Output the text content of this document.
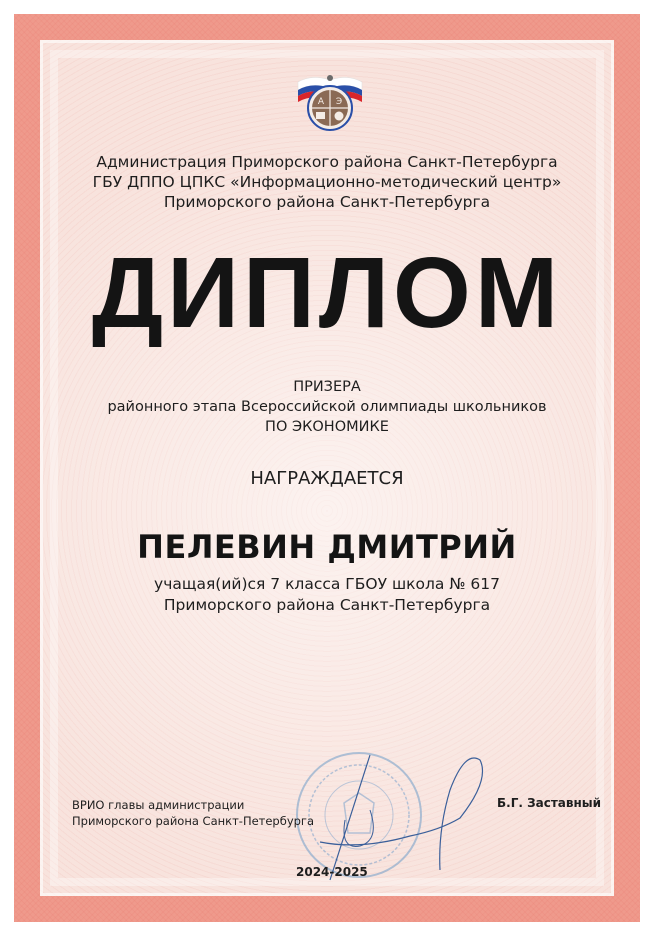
A Э
Администрация Приморского района Санкт-Петербурга
ГБУ ДППО ЦПКС «Информационно-методический центр»
Приморского района Санкт-Петербурга
ДИПЛОМ
ПРИЗЕРА
районного этапа Всероссийской олимпиады школьников
ПО ЭКОНОМИКЕ
НАГРАЖДАЕТСЯ
ПЕЛЕВИН ДМИТРИЙ
учащая(ий)ся 7 класса ГБОУ школа № 617
Приморского района Санкт-Петербурга
ВРИО главы администрации
Приморского района Санкт-Петербурга
Б.Г. Заставный
2024-2025
